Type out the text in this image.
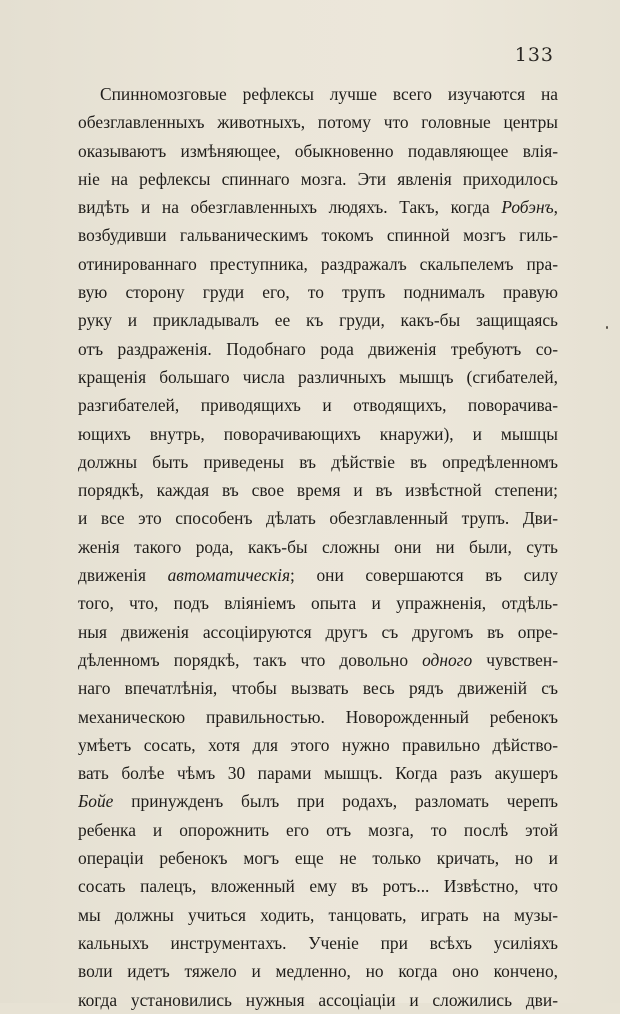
133
Спинномозговые рефлексы лучше всего изучаются на
обезглавленныхъ животныхъ, потому что головные центры
оказываютъ измѣняющее, обыкновенно подавляющее влія-
ніе на рефлексы спиннаго мозга. Эти явленія приходилось
видѣть и на обезглавленныхъ людяхъ. Такъ, когда Робэнъ,
возбудивши гальваническимъ токомъ спинной мозгъ гиль-
отинированнаго преступника, раздражалъ скальпелемъ пра-
вую сторону груди его, то трупъ поднималъ правую
руку и прикладывалъ ее къ груди, какъ-бы защищаясь
отъ раздраженія. Подобнаго рода движенія требуютъ со-
кращенія большаго числа различныхъ мышцъ (сгибателей,
разгибателей, приводящихъ и отводящихъ, поворачива-
ющихъ внутрь, поворачивающихъ кнаружи), и мышцы
должны быть приведены въ дѣйствіе въ опредѣленномъ
порядкѣ, каждая въ свое время и въ извѣстной степени;
и все это способенъ дѣлать обезглавленный трупъ. Дви-
женія такого рода, какъ-бы сложны они ни были, суть
движенія автоматическія; они совершаются въ силу
того, что, подъ вліяніемъ опыта и упражненія, отдѣль-
ныя движенія ассоціируются другъ съ другомъ въ опре-
дѣленномъ порядкѣ, такъ что довольно одного чувствен-
наго впечатлѣнія, чтобы вызвать весь рядъ движеній съ
механическою правильностью. Новорожденный ребенокъ
умѣетъ сосать, хотя для этого нужно правильно дѣйство-
вать болѣе чѣмъ 30 парами мышцъ. Когда разъ акушеръ
Бойе принужденъ былъ при родахъ, разломать черепъ
ребенка и опорожнить его отъ мозга, то послѣ этой
операціи ребенокъ могъ еще не только кричать, но и
сосать палецъ, вложенный ему въ ротъ... Извѣстно, что
мы должны учиться ходить, танцовать, играть на музы-
кальныхъ инструментахъ. Ученіе при всѣхъ усиліяхъ
воли идетъ тяжело и медленно, но когда оно кончено,
когда установились нужныя ассоціаціи и сложились дви-
